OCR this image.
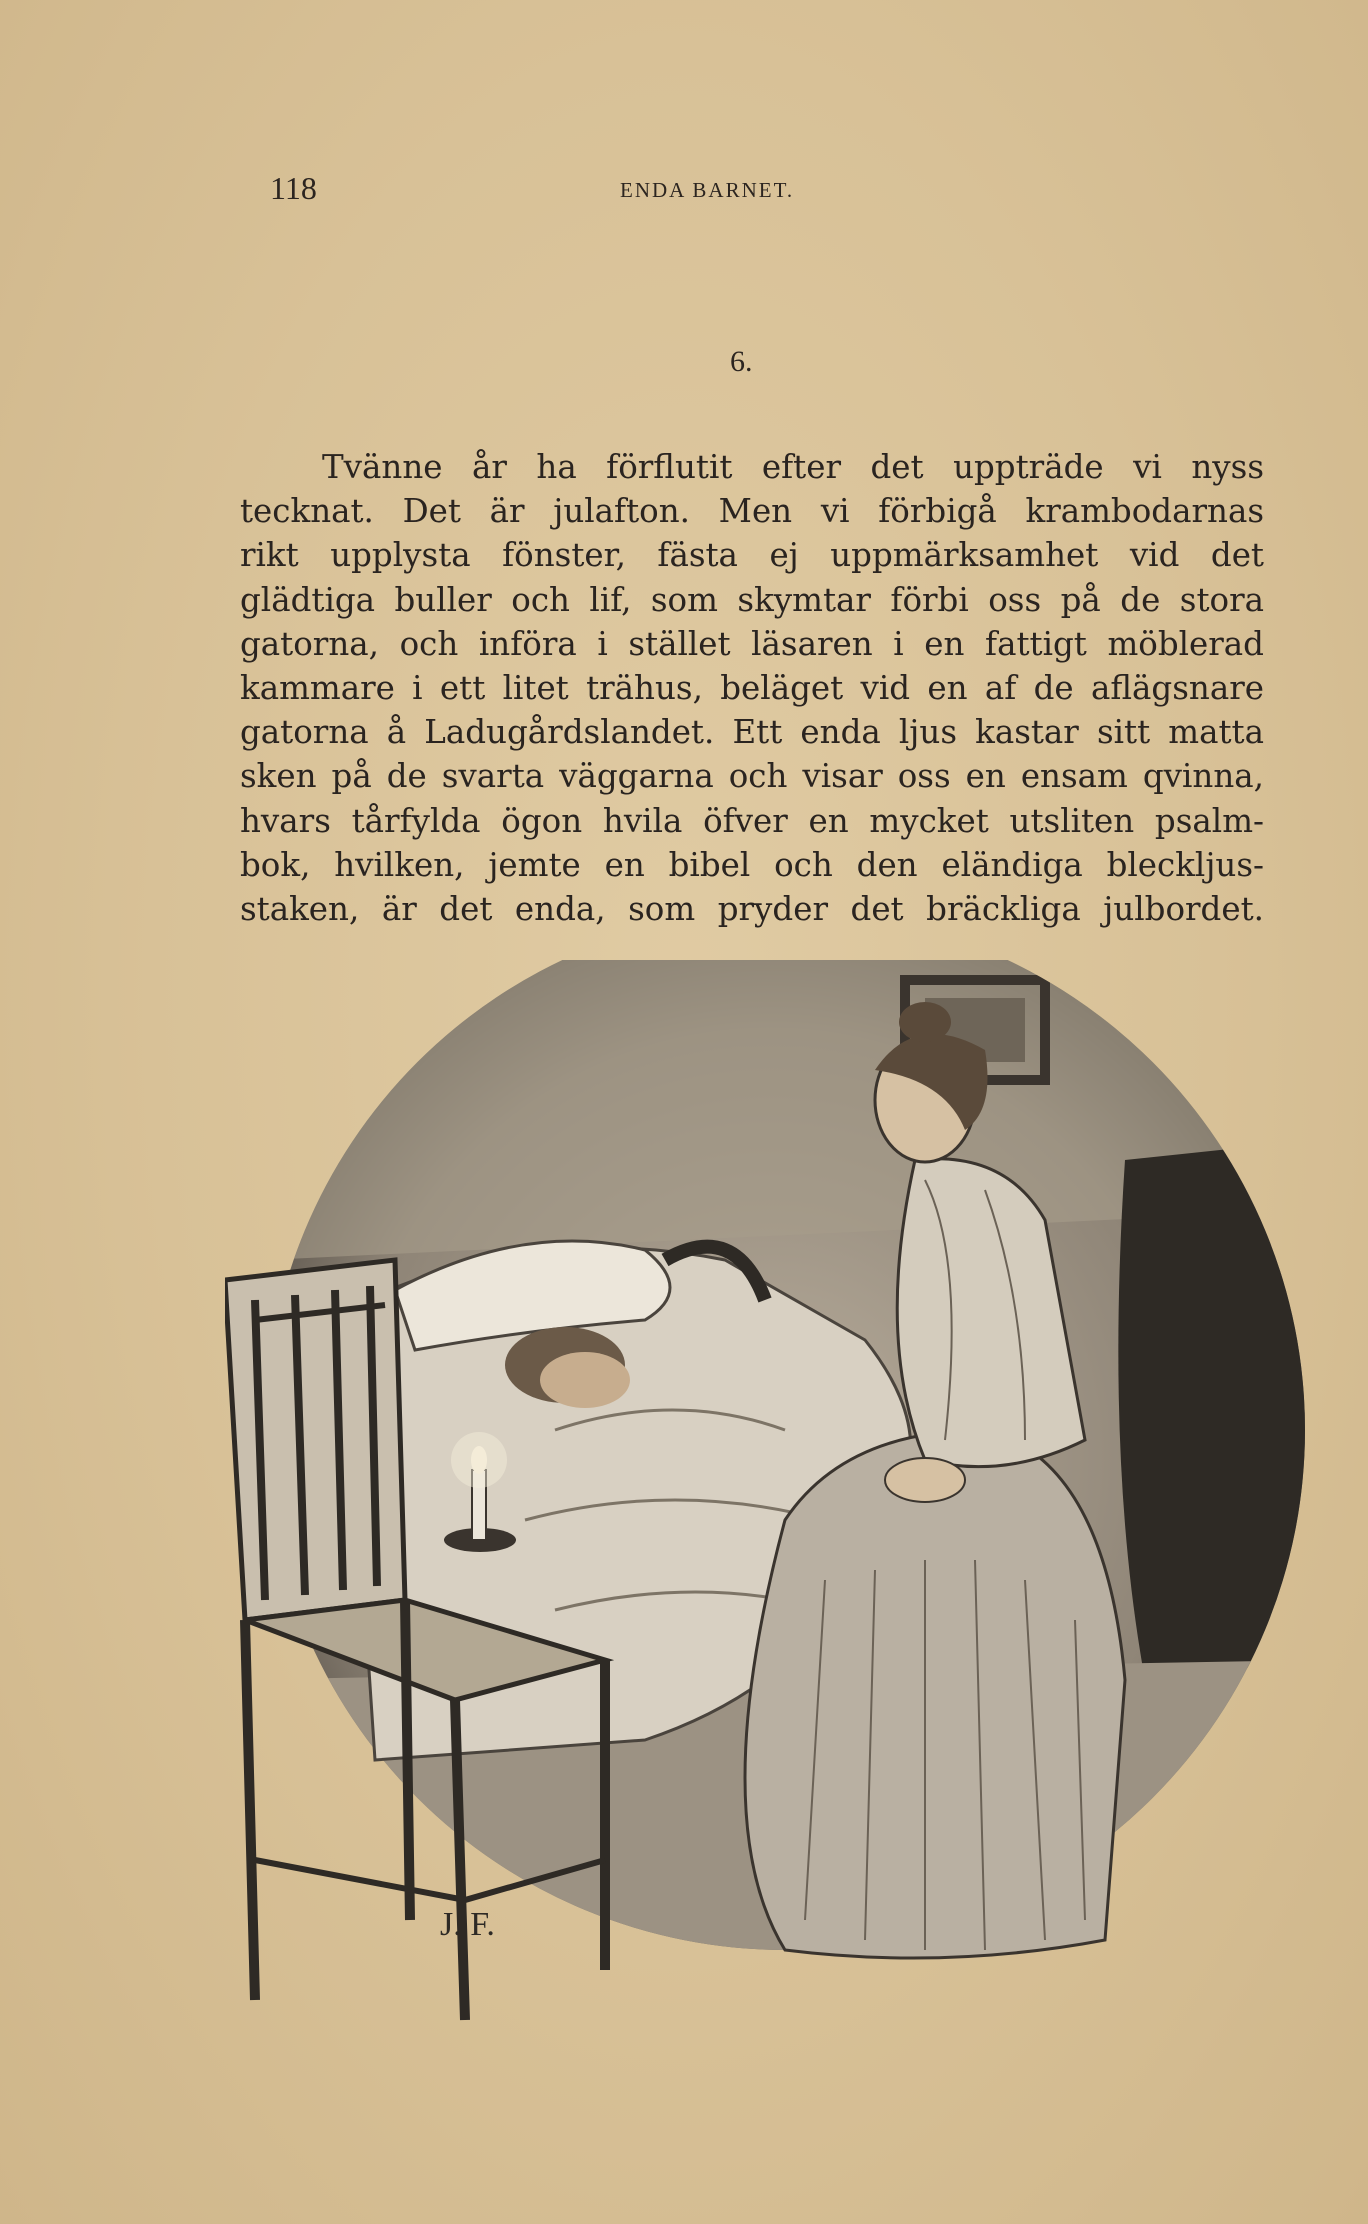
118	ENDA BARNET.
6.
Tvänne år ha förflutit efter det uppträde vi nyss
tecknat. Det är julafton. Men vi förbigå krambodarnas
rikt upplysta fönster, fästa ej uppmärksamhet vid det
glädtiga buller och lif, som skymtar förbi oss på de stora
gatorna, och införa i stället läsaren i en fattigt möblerad
kammare i ett litet trähus, beläget vid en af de aflägsnare
gatorna å Ladugårdslandet. Ett enda ljus kastar sitt matta
sken på de svarta väggarna och visar oss en ensam qvinna,
hvars tårfylda ögon hvila öfver en mycket utsliten psalm-
bok, hvilken, jemte en bibel och den eländiga bleckljus-
staken, är det enda, som pryder det bräckliga julbordet.
J. F.
